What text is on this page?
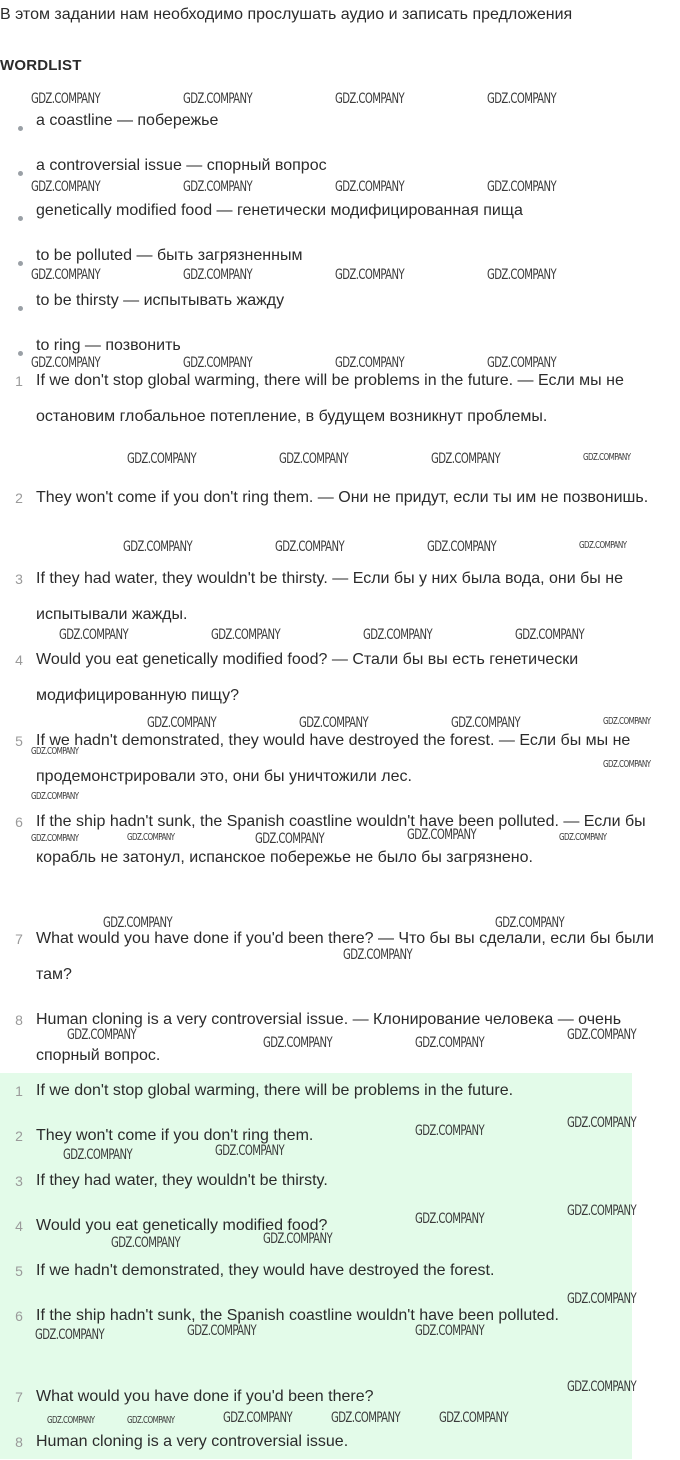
В этом задании нам необходимо прослушать аудио и записать предложения
WORDLIST
a coastline — побережье
a controversial issue — спорный вопрос
genetically modified food — генетически модифицированная пища
to be polluted — быть загрязненным
to be thirsty — испытывать жажду
to ring — позвонить
1 If we don't stop global warming, there will be problems in the future. — Если мы не остановим глобальное потепление, в будущем возникнут проблемы.
2 They won't come if you don't ring them. — Они не придут, если ты им не позвонишь.
3 If they had water, they wouldn't be thirsty. — Если бы у них была вода, они бы не испытывали жажды.
4 Would you eat genetically modified food? — Стали бы вы есть генетически модифицированную пищу?
5 If we hadn't demonstrated, they would have destroyed the forest. — Если бы мы не продемонстрировали это, они бы уничтожили лес.
6 If the ship hadn't sunk, the Spanish coastline wouldn't have been polluted. — Если бы корабль не затонул, испанское побережье не было бы загрязнено.
7 What would you have done if you'd been there? — Что бы вы сделали, если бы были там?
8 Human cloning is a very controversial issue. — Клонирование человека — очень спорный вопрос.
1 If we don't stop global warming, there will be problems in the future.
2 They won't come if you don't ring them.
3 If they had water, they wouldn't be thirsty.
4 Would you eat genetically modified food?
5 If we hadn't demonstrated, they would have destroyed the forest.
6 If the ship hadn't sunk, the Spanish coastline wouldn't have been polluted.
7 What would you have done if you'd been there?
8 Human cloning is a very controversial issue.
GDZ.COMPANY	GDZ.COMPANY	GDZ.COMPANY	GDZ.COMPANY
GDZ.COMPANY	GDZ.COMPANY	GDZ.COMPANY	GDZ.COMPANY
GDZ.COMPANY	GDZ.COMPANY	GDZ.COMPANY	GDZ.COMPANY
GDZ.COMPANY	GDZ.COMPANY	GDZ.COMPANY	GDZ.COMPANY
GDZ.COMPANY	GDZ.COMPANY	GDZ.COMPANY	GDZ.COMPANY
GDZ.COMPANY	GDZ.COMPANY	GDZ.COMPANY	GDZ.COMPANY
GDZ.COMPANY	GDZ.COMPANY	GDZ.COMPANY	GDZ.COMPANY
GDZ.COMPANY	GDZ.COMPANY	GDZ.COMPANY	GDZ.COMPANY
GDZ.COMPANY
GDZ.COMPANY
GDZ.COMPANY
GDZ.COMPANY	GDZ.COMPANY	GDZ.COMPANY	GDZ.COMPANY	GDZ.COMPANY
GDZ.COMPANY	GDZ.COMPANY
GDZ.COMPANY
GDZ.COMPANY	GDZ.COMPANY	GDZ.COMPANY	GDZ.COMPANY
GDZ.COMPANY	GDZ.COMPANY
GDZ.COMPANY	GDZ.COMPANY
GDZ.COMPANY	GDZ.COMPANY
GDZ.COMPANY	GDZ.COMPANY
GDZ.COMPANY
GDZ.COMPANY	GDZ.COMPANY	GDZ.COMPANY
GDZ.COMPANY
GDZ.COMPANY	GDZ.COMPANY	GDZ.COMPANY	GDZ.COMPANY	GDZ.COMPANY
